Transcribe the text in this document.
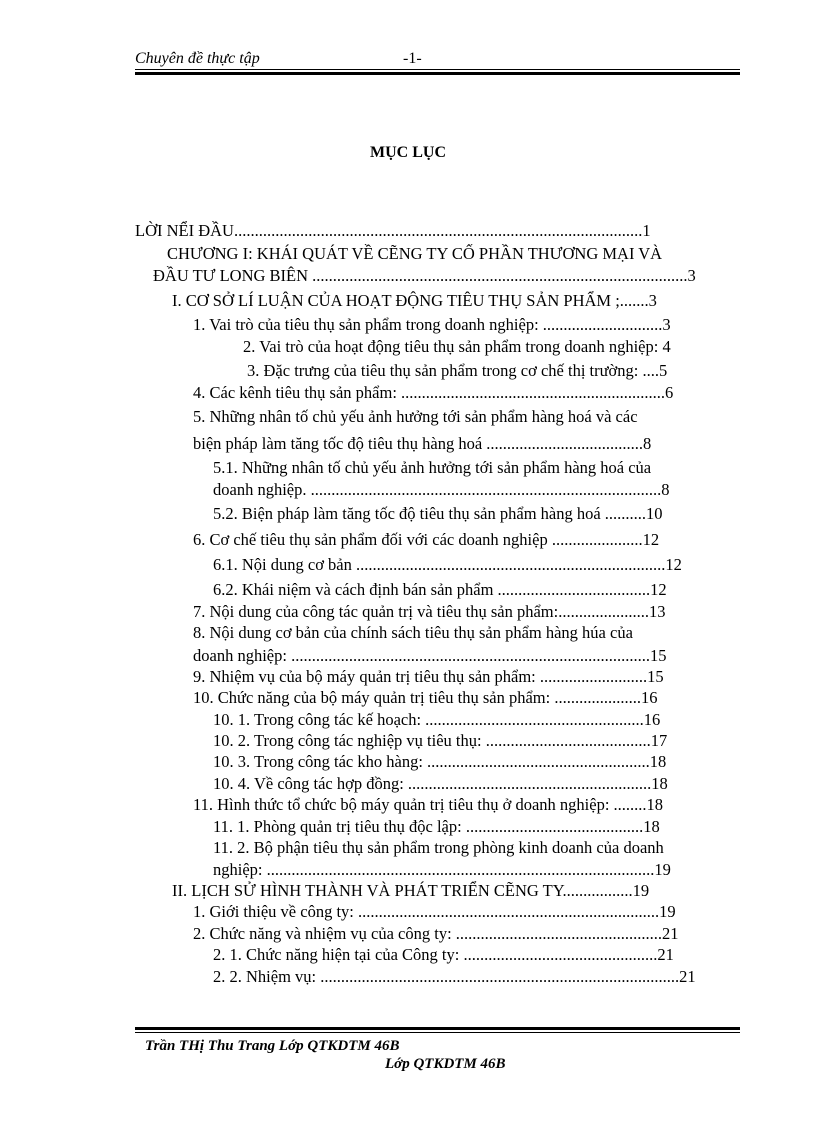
Chuyên đề thực tập	-1-
MỤC LỤC
LỜI NỂI ĐẦU...................................................................................................1
CHƯƠNG I: KHÁI QUÁT VỀ CẼNG TY CỔ PHẦN THƯƠNG MẠI VÀ
ĐẦU TƯ LONG BIÊN ...........................................................................................3
I. CƠ SỞ LÍ LUẬN CỦA HOẠT ĐỘNG TIÊU THỤ SẢN PHẨM ;.......3
1. Vai trò của tiêu thụ sản phẩm trong doanh nghiệp: .............................3
2. Vai trò của hoạt động tiêu thụ sản phẩm trong doanh nghiệp: 4
3. Đặc trưng của tiêu thụ sản phẩm trong cơ chế thị trường: ....5
4. Các kênh tiêu thụ sản phẩm: ................................................................6
5. Những nhân tố chủ yếu ảnh hưởng tới sản phẩm hàng hoá và các
biện pháp làm tăng tốc độ tiêu thụ hàng hoá ......................................8
5.1. Những nhân tố chủ yếu ảnh hưởng tới sản phẩm hàng hoá của
doanh nghiệp. .....................................................................................8
5.2. Biện pháp làm tăng tốc độ tiêu thụ sản phẩm hàng hoá ..........10
6. Cơ chế tiêu thụ sản phẩm đối với các doanh nghiệp ......................12
6.1. Nội dung cơ bản ...........................................................................12
6.2. Khái niệm và cách định bán sản phẩm .....................................12
7. Nội dung của công tác quản trị và tiêu thụ sản phẩm:......................13
8. Nội dung cơ bản của chính sách tiêu thụ sản phẩm hàng húa của
doanh nghiệp: .......................................................................................15
9. Nhiệm vụ của bộ máy quản trị tiêu thụ sản phẩm: ..........................15
10. Chức năng của bộ máy quản trị tiêu thụ sản phẩm: .....................16
10. 1. Trong công tác kế hoạch: .....................................................16
10. 2. Trong công tác nghiệp vụ tiêu thụ: ........................................17
10. 3. Trong công tác kho hàng: ......................................................18
10. 4. Về công tác hợp đồng: ...........................................................18
11. Hình thức tổ chức bộ máy quản trị tiêu thụ ở doanh nghiệp: ........18
11. 1. Phòng quản trị tiêu thụ độc lập: ...........................................18
11. 2. Bộ phận tiêu thụ sản phẩm trong phòng kinh doanh của doanh
nghiệp: ..............................................................................................19
II. LỊCH SỬ HÌNH THÀNH VÀ PHÁT TRIỂN CẼNG TY.................19
1. Giới thiệu về công ty: .........................................................................19
2. Chức năng và nhiệm vụ của công ty: ..................................................21
2. 1. Chức năng hiện tại của Công ty: ...............................................21
2. 2. Nhiệm vụ: .......................................................................................21
Trần THị Thu Trang Lớp QTKDTM 46B
Lớp QTKDTM 46B
